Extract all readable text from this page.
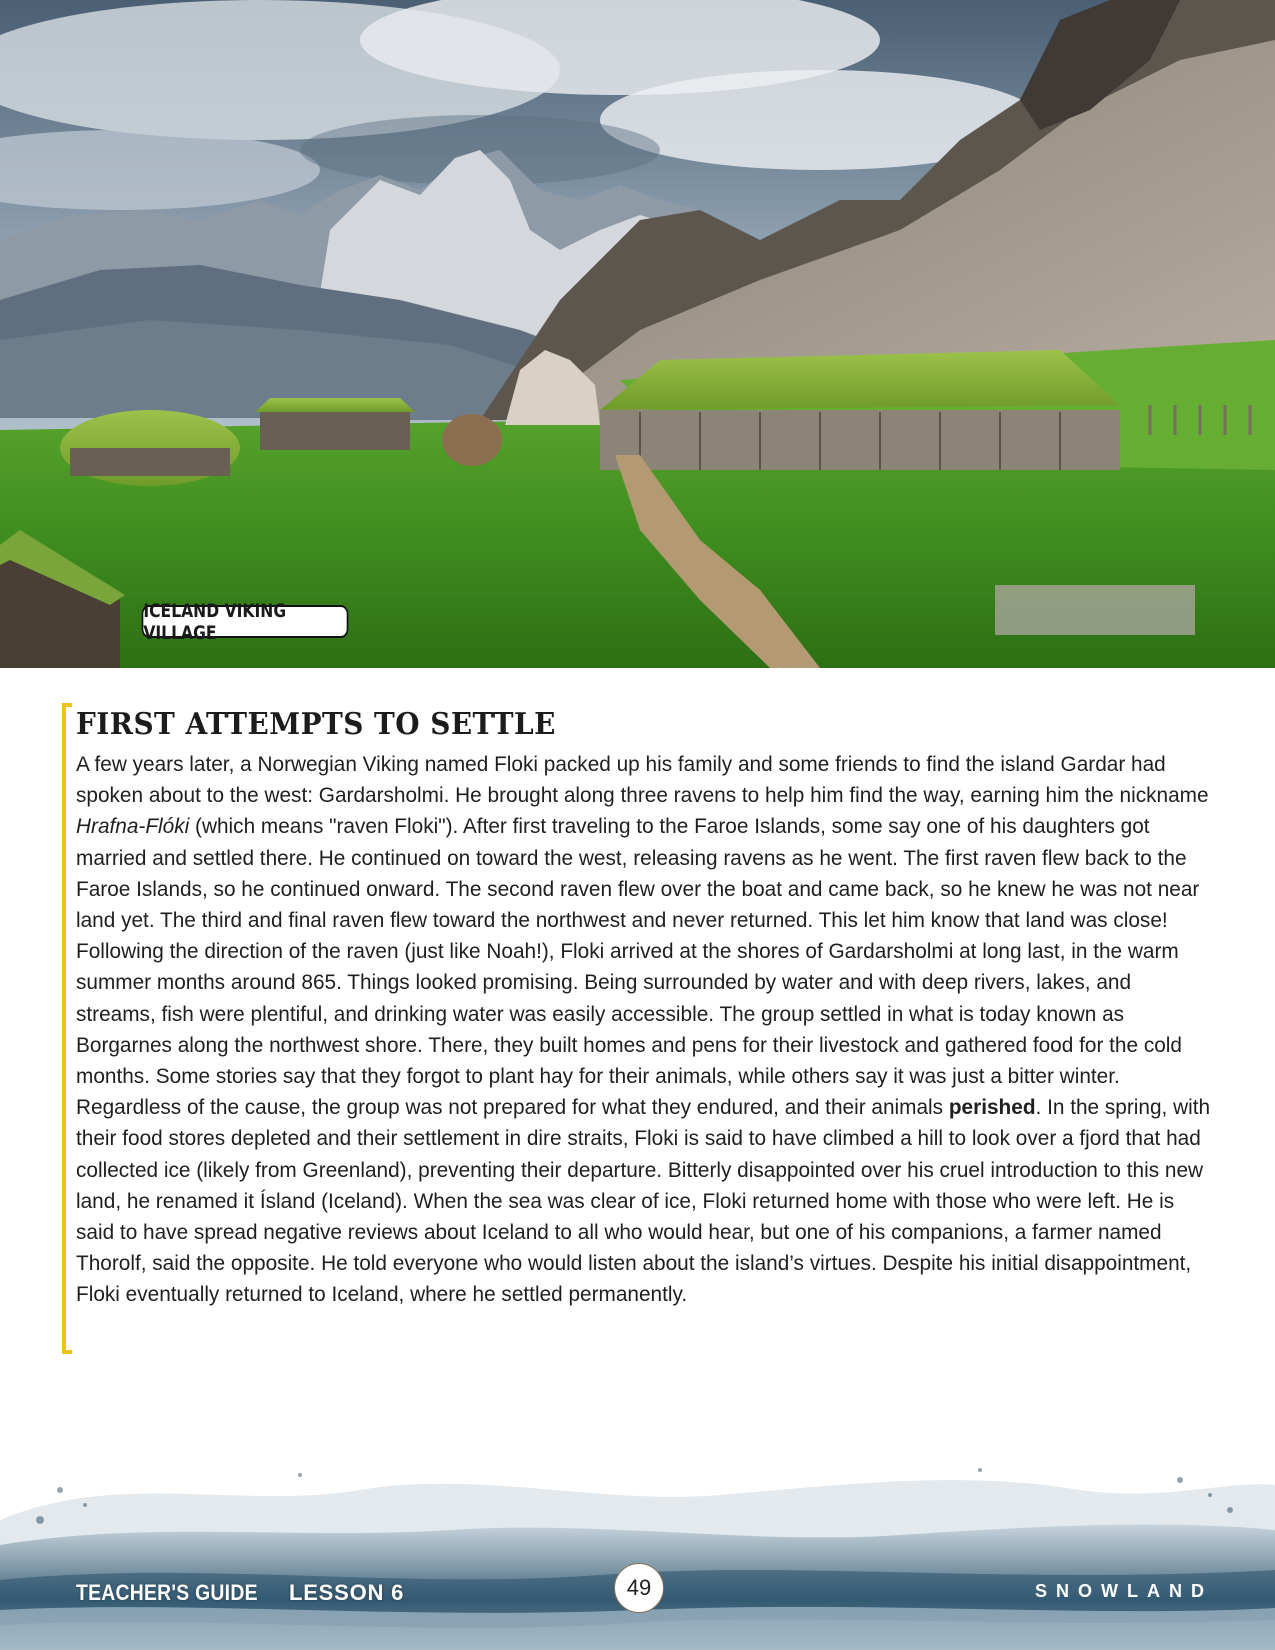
ICELAND VIKING VILLAGE
FIRST ATTEMPTS TO SETTLE

A few years later, a Norwegian Viking named Floki packed up his family and some friends to find the island Gardar had spoken about to the west: Gardarsholmi. He brought along three ravens to help him find the way, earning him the nickname Hrafna-Flóki (which means "raven Floki"). After first traveling to the Faroe Islands, some say one of his daughters got married and settled there. He continued on toward the west, releasing ravens as he went. The first raven flew back to the Faroe Islands, so he continued onward. The second raven flew over the boat and came back, so he knew he was not near land yet. The third and final raven flew toward the northwest and never returned. This let him know that land was close! Following the direction of the raven (just like Noah!), Floki arrived at the shores of Gardarsholmi at long last, in the warm summer months around 865. Things looked promising. Being surrounded by water and with deep rivers, lakes, and streams, fish were plentiful, and drinking water was easily accessible. The group settled in what is today known as Borgarnes along the northwest shore. There, they built homes and pens for their livestock and gathered food for the cold months. Some stories say that they forgot to plant hay for their animals, while others say it was just a bitter winter. Regardless of the cause, the group was not prepared for what they endured, and their animals perished. In the spring, with their food stores depleted and their settlement in dire straits, Floki is said to have climbed a hill to look over a fjord that had collected ice (likely from Greenland), preventing their departure. Bitterly disappointed over his cruel introduction to this new land, he renamed it Ísland (Iceland). When the sea was clear of ice, Floki returned home with those who were left. He is said to have spread negative reviews about Iceland to all who would hear, but one of his companions, a farmer named Thorolf, said the opposite. He told everyone who would listen about the island’s virtues. Despite his initial disappointment, Floki eventually returned to Iceland, where he settled permanently.

TEACHER'S GUIDE LESSON 6	49	SNOWLAND
